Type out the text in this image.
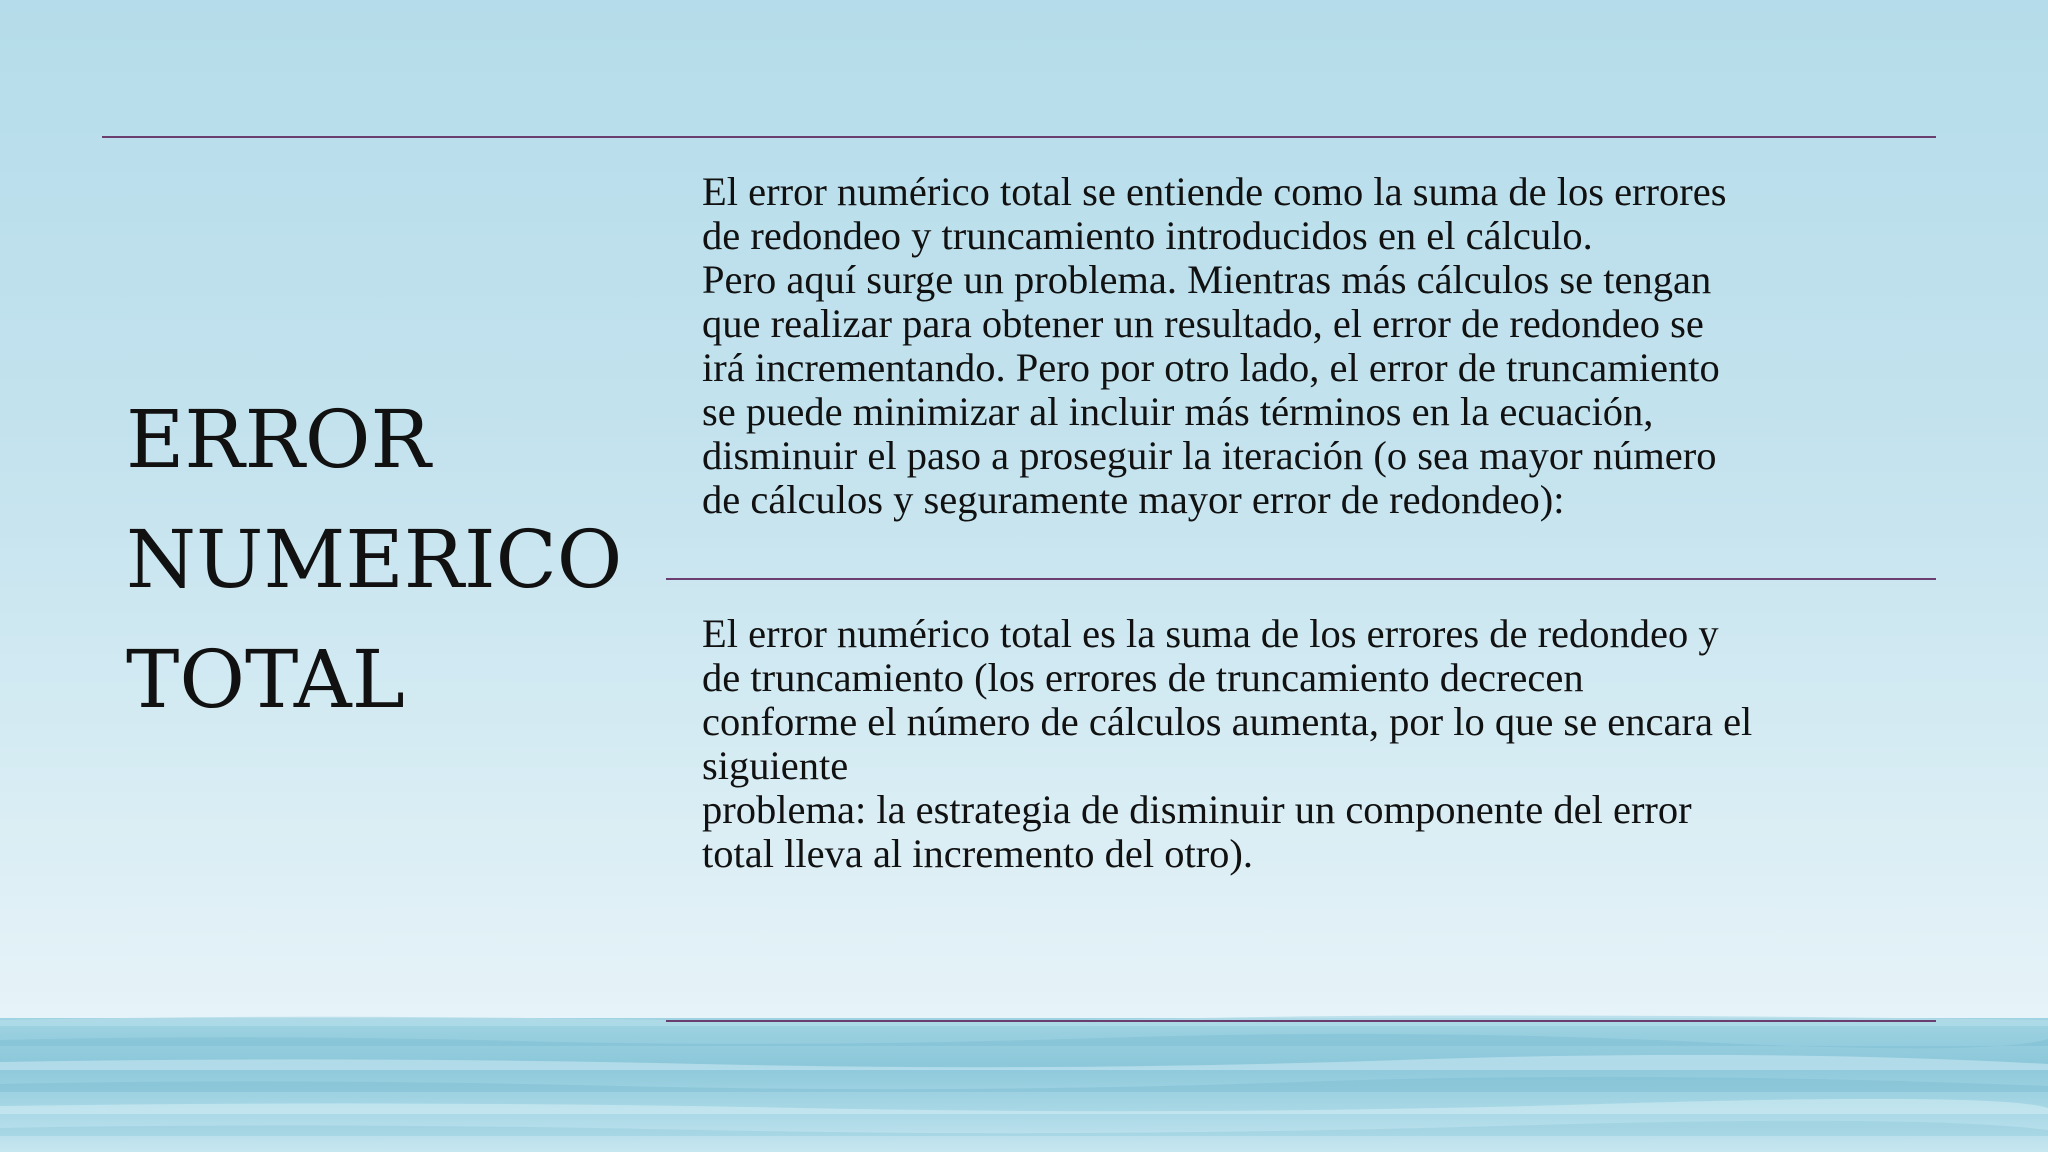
ERROR
NUMERICO
TOTAL

El error numérico total se entiende como la suma de los errores
de redondeo y truncamiento introducidos en el cálculo.
Pero aquí surge un problema. Mientras más cálculos se tengan
que realizar para obtener un resultado, el error de redondeo se
irá incrementando. Pero por otro lado, el error de truncamiento
se puede minimizar al incluir más términos en la ecuación,
disminuir el paso a proseguir la iteración (o sea mayor número
de cálculos y seguramente mayor error de redondeo):

El error numérico total es la suma de los errores de redondeo y
de truncamiento (los errores de truncamiento decrecen
conforme el número de cálculos aumenta, por lo que se encara el
siguiente
problema: la estrategia de disminuir un componente del error
total lleva al incremento del otro).
